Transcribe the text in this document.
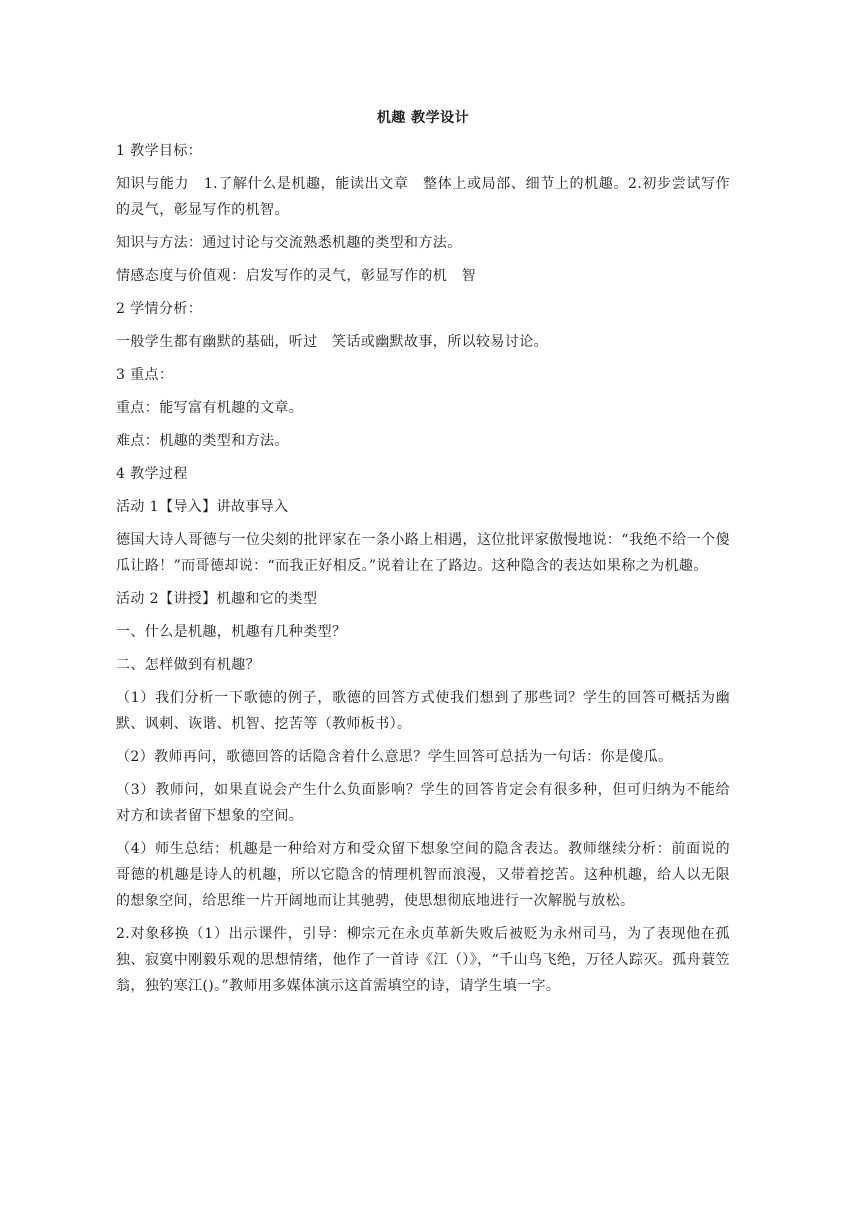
机趣 教学设计

1 教学目标：

知识与能力　1.了解什么是机趣，能读出文章　整体上或局部、细节上的机趣。2.初步尝试写作的灵气，彰显写作的机智。

知识与方法：通过讨论与交流熟悉机趣的类型和方法。

情感态度与价值观：启发写作的灵气，彰显写作的机　智

2 学情分析：

一般学生都有幽默的基础，听过　笑话或幽默故事，所以较易讨论。

3 重点：

重点：能写富有机趣的文章。

难点：机趣的类型和方法。

4 教学过程

活动 1【导入】讲故事导入

德国大诗人哥德与一位尖刻的批评家在一条小路上相遇，这位批评家傲慢地说：“我绝不给一个傻瓜让路！”而哥德却说：“而我正好相反。”说着让在了路边。这种隐含的表达如果称之为机趣。

活动 2【讲授】机趣和它的类型

一、什么是机趣，机趣有几种类型？

二、怎样做到有机趣？

（1）我们分析一下歌德的例子，歌德的回答方式使我们想到了那些词？学生的回答可概括为幽默、讽刺、诙谐、机智、挖苦等（教师板书）。

（2）教师再问，歌德回答的话隐含着什么意思？学生回答可总括为一句话：你是傻瓜。

（3）教师问，如果直说会产生什么负面影响？学生的回答肯定会有很多种，但可归纳为不能给对方和读者留下想象的空间。

（4）师生总结：机趣是一种给对方和受众留下想象空间的隐含表达。教师继续分析：前面说的哥德的机趣是诗人的机趣，所以它隐含的情理机智而浪漫，又带着挖苦。这种机趣，给人以无限的想象空间，给思维一片开阔地而让其驰骋，使思想彻底地进行一次解脱与放松。

2.对象移换（1）出示课件，引导：柳宗元在永贞革新失败后被贬为永州司马，为了表现他在孤独、寂寞中刚毅乐观的思想情绪，他作了一首诗《江（）》，“千山鸟飞绝，万径人踪灭。孤舟蓑笠翁，独钓寒江()。”教师用多媒体演示这首需填空的诗，请学生填一字。
